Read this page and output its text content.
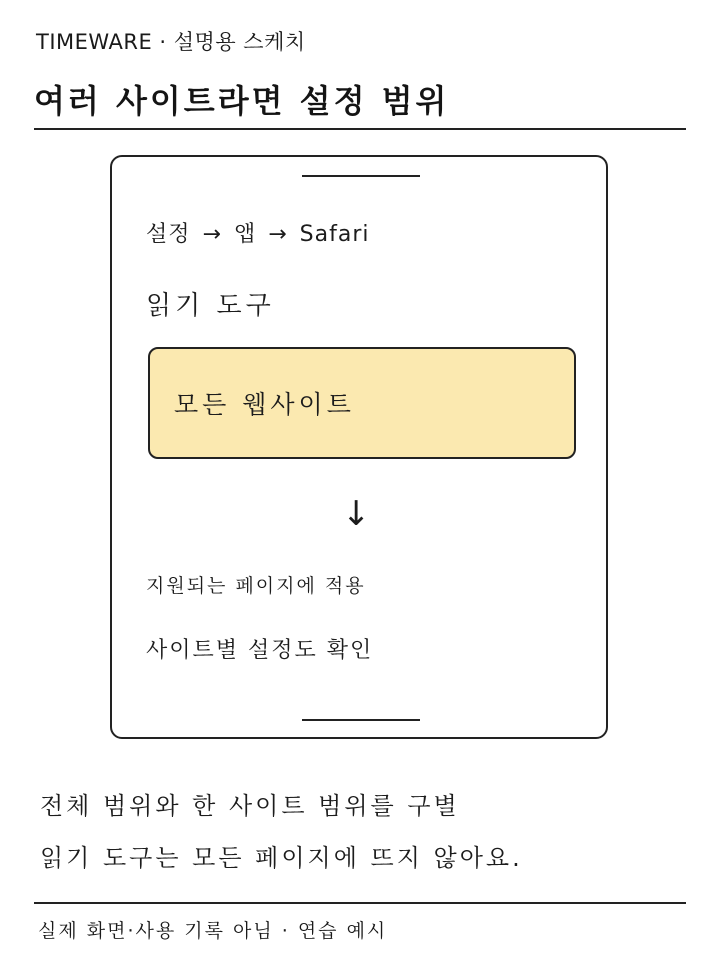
TIMEWARE · 설명용 스케치
여러 사이트라면 설정 범위
설정 → 앱 → Safari
읽기 도구
모든 웹사이트
↓
지원되는 페이지에 적용
사이트별 설정도 확인
전체 범위와 한 사이트 범위를 구별
읽기 도구는 모든 페이지에 뜨지 않아요.
실제 화면·사용 기록 아님 · 연습 예시
